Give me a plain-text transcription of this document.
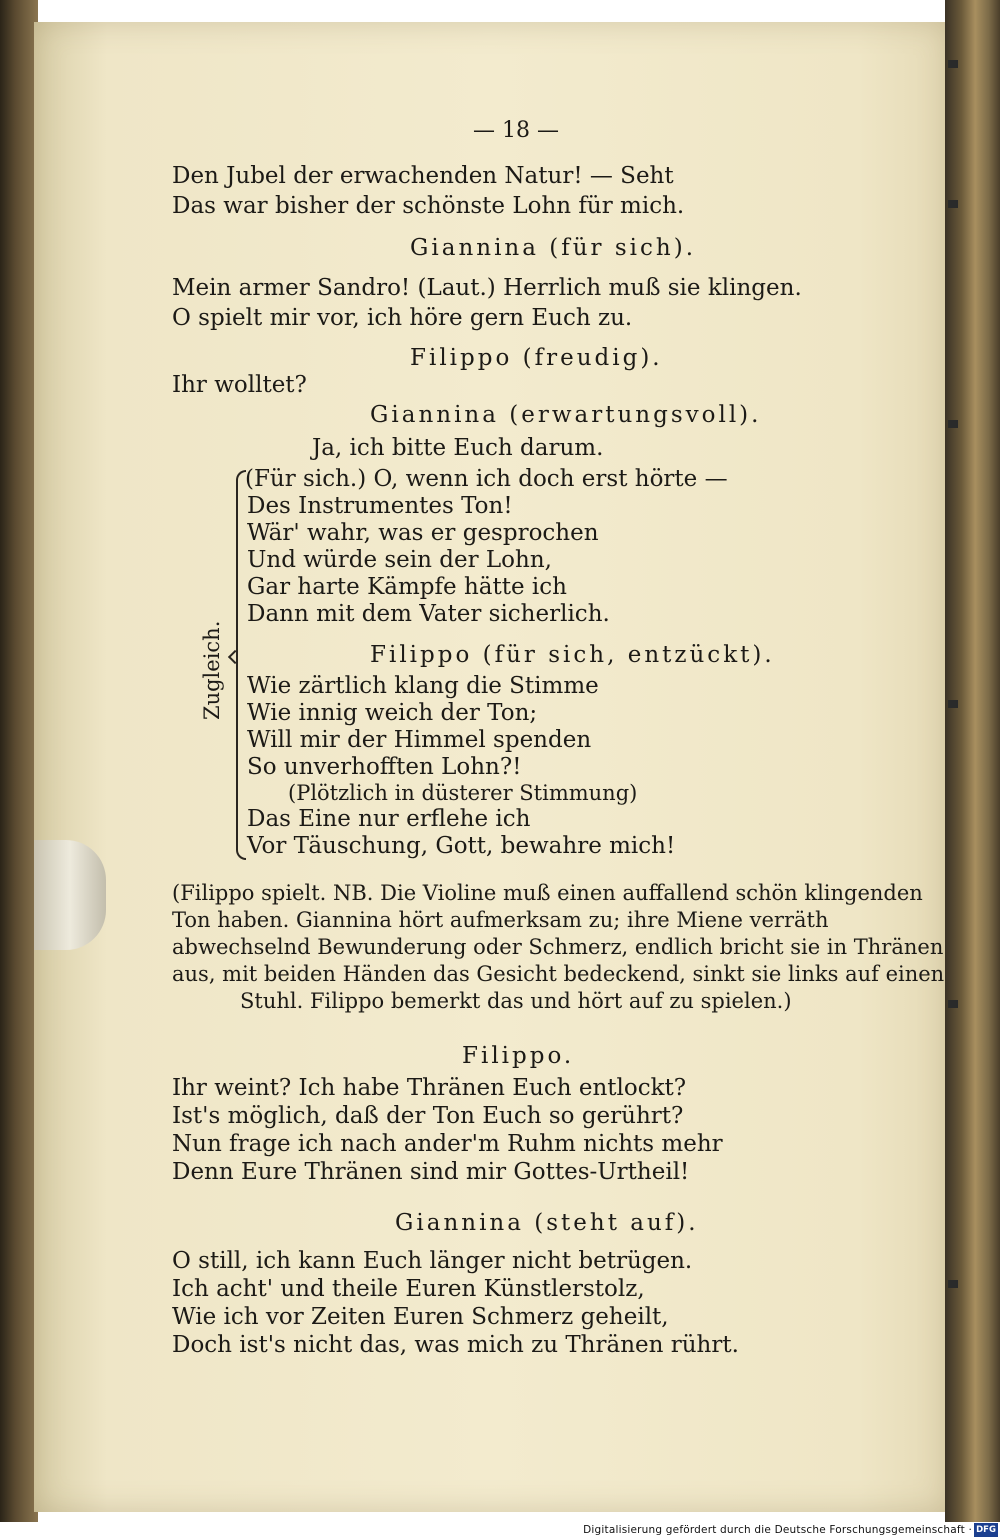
— 18 —
Den Jubel der erwachenden Natur! — Seht
Das war bisher der schönste Lohn für mich.
Giannina (für sich).
Mein armer Sandro! (Laut.) Herrlich muß sie klingen.
O spielt mir vor, ich höre gern Euch zu.
Filippo (freudig).
Ihr wolltet?
Giannina (erwartungsvoll).
Ja, ich bitte Euch darum.
Zugleich.
(Für sich.) O, wenn ich doch erst hörte —
Des Instrumentes Ton!
Wär' wahr, was er gesprochen
Und würde sein der Lohn,
Gar harte Kämpfe hätte ich
Dann mit dem Vater sicherlich.
Filippo (für sich, entzückt).
Wie zärtlich klang die Stimme
Wie innig weich der Ton;
Will mir der Himmel spenden
So unverhofften Lohn?!
(Plötzlich in düsterer Stimmung)
Das Eine nur erflehe ich
Vor Täuschung, Gott, bewahre mich!
(Filippo spielt. NB. Die Violine muß einen auffallend schön klingenden
Ton haben. Giannina hört aufmerksam zu; ihre Miene verräth
abwechselnd Bewunderung oder Schmerz, endlich bricht sie in Thränen
aus, mit beiden Händen das Gesicht bedeckend, sinkt sie links auf einen
Stuhl. Filippo bemerkt das und hört auf zu spielen.)
Filippo.
Ihr weint? Ich habe Thränen Euch entlockt?
Ist's möglich, daß der Ton Euch so gerührt?
Nun frage ich nach ander'm Ruhm nichts mehr
Denn Eure Thränen sind mir Gottes-Urtheil!
Giannina (steht auf).
O still, ich kann Euch länger nicht betrügen.
Ich acht' und theile Euren Künstlerstolz,
Wie ich vor Zeiten Euren Schmerz geheilt,
Doch ist's nicht das, was mich zu Thränen rührt.
Digitalisierung gefördert durch die Deutsche Forschungsgemeinschaft · DFG
